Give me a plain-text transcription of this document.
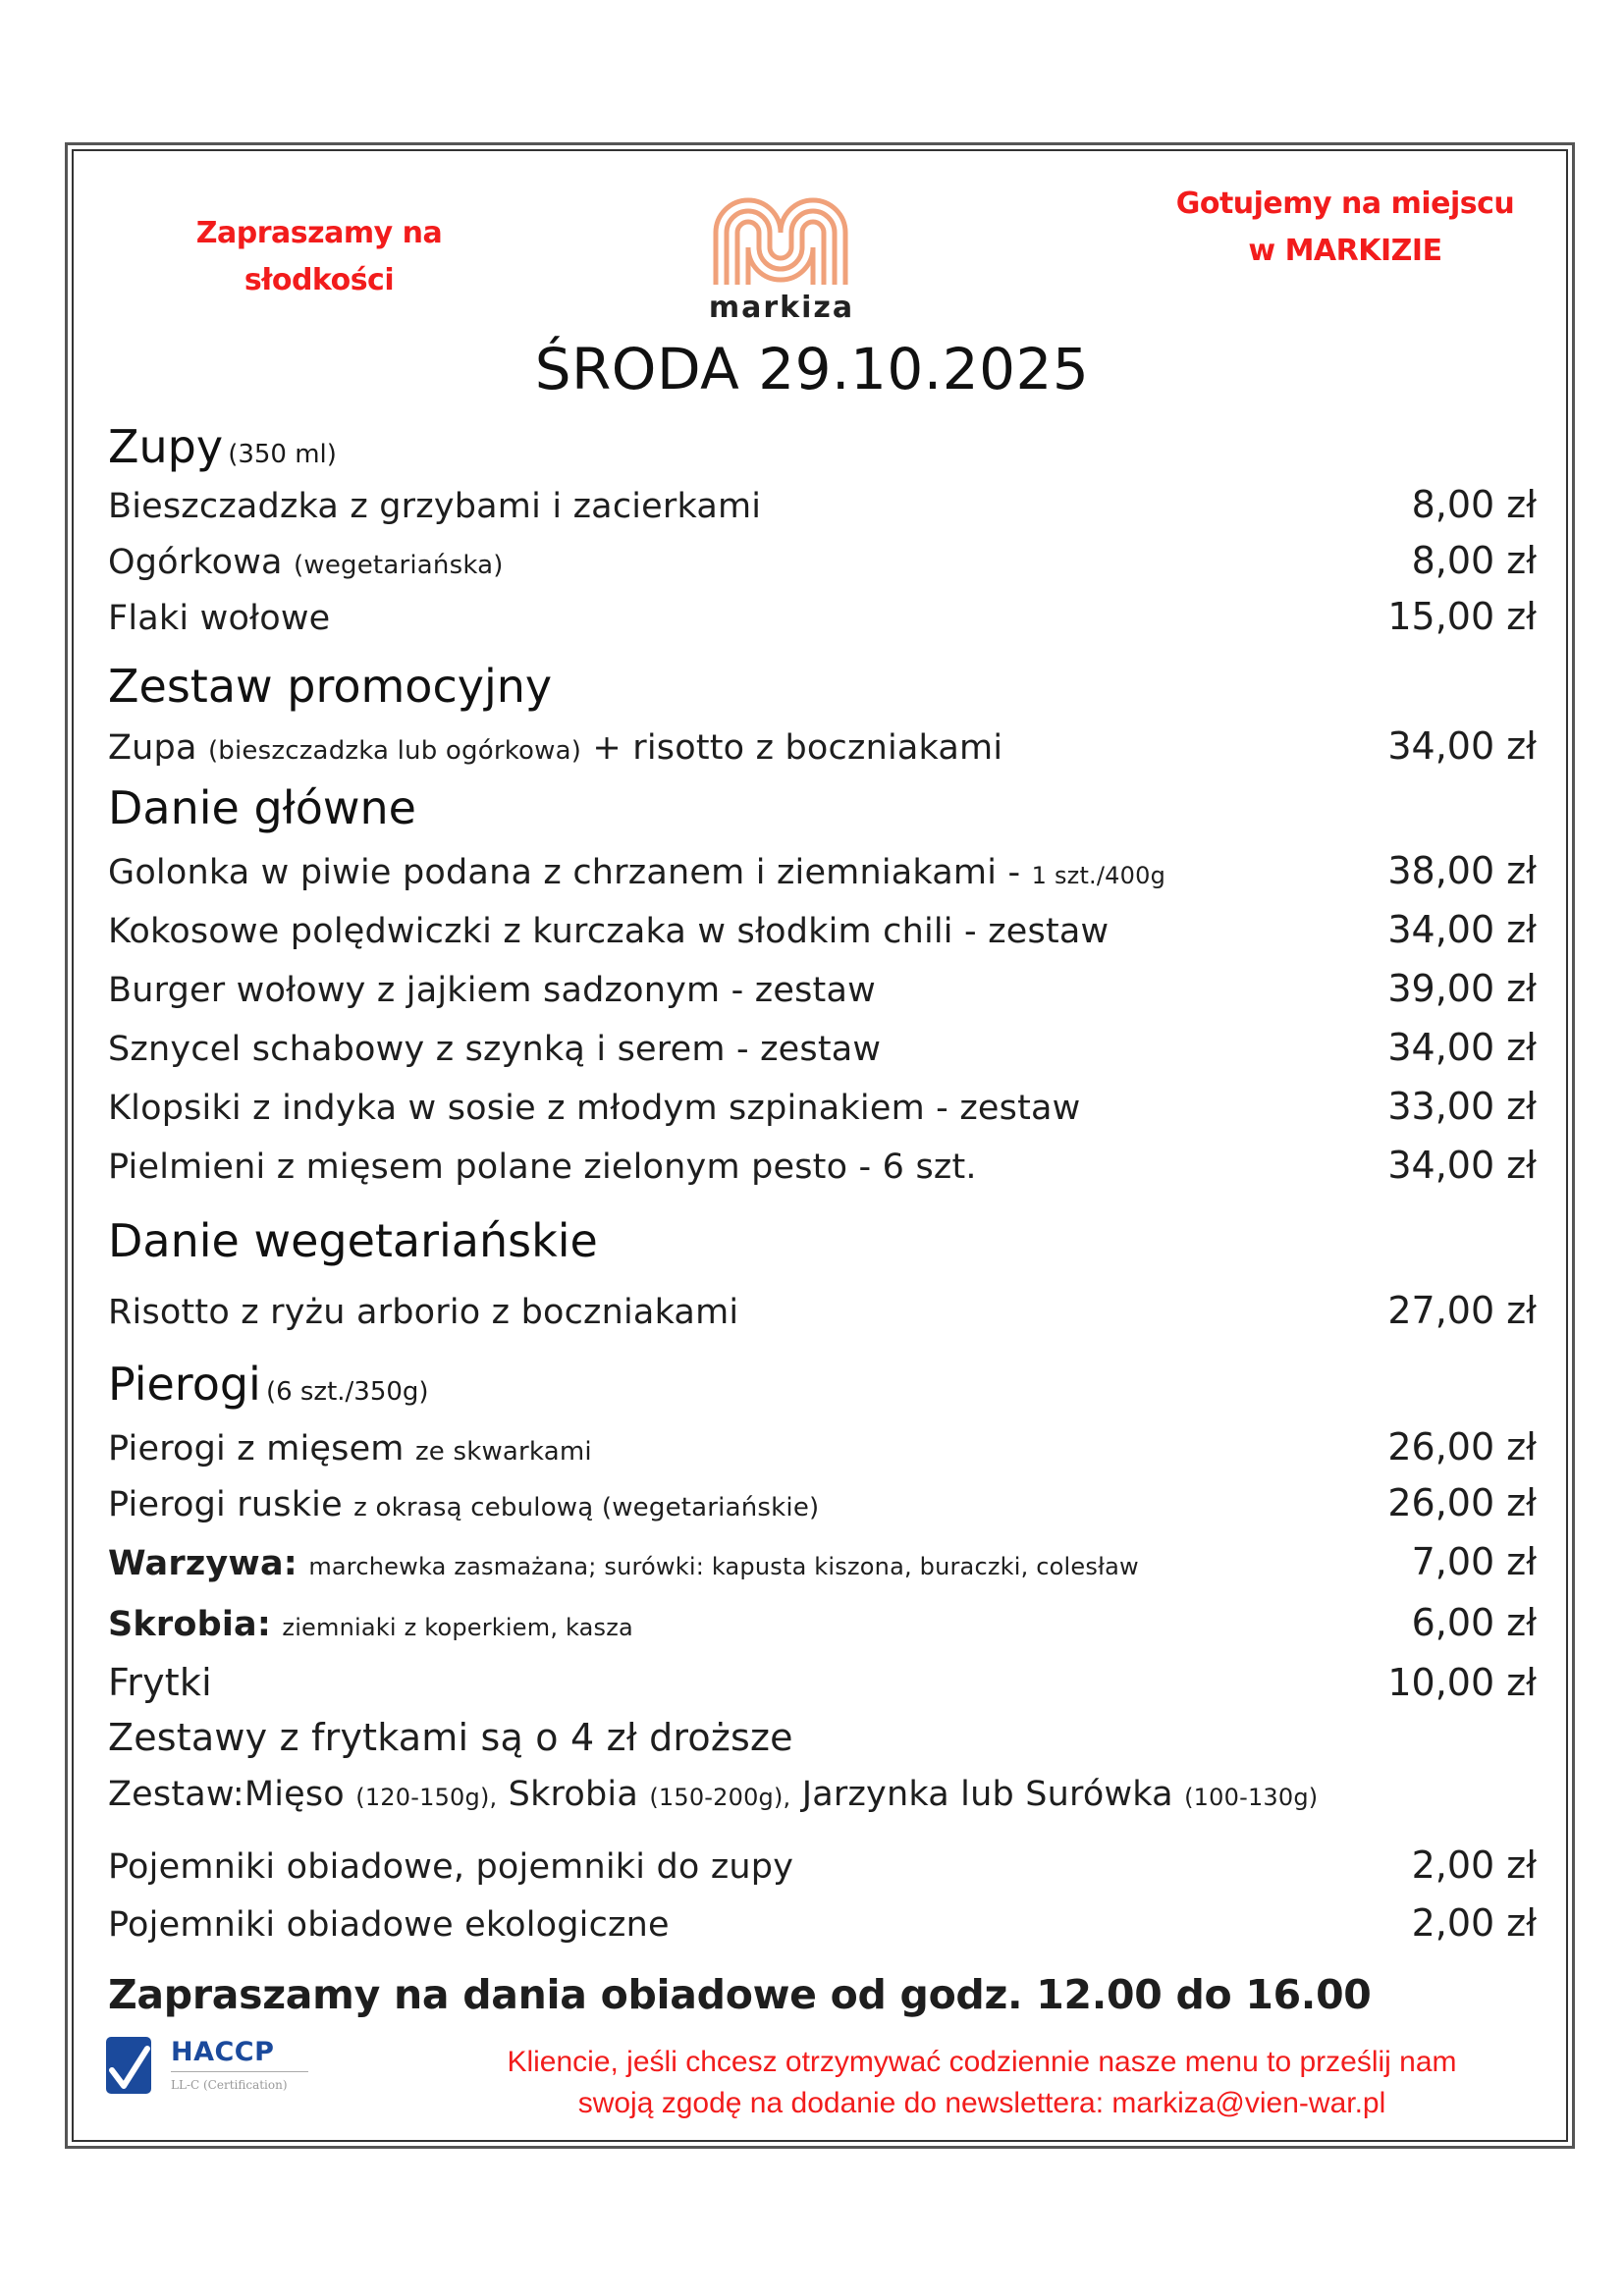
Zapraszamy na
słodkości
markiza
Gotujemy na miejscu
w MARKIZIE
ŚRODA 29.10.2025
Zupy (350 ml)
Bieszczadzka z grzybami i zacierkami	8,00 zł
Ogórkowa (wegetariańska)	8,00 zł
Flaki wołowe	15,00 zł
Zestaw promocyjny
Zupa (bieszczadzka lub ogórkowa) + risotto z boczniakami	34,00 zł
Danie główne
Golonka w piwie podana z chrzanem i ziemniakami - 1 szt./400g	38,00 zł
Kokosowe polędwiczki z kurczaka w słodkim chili - zestaw	34,00 zł
Burger wołowy z jajkiem sadzonym - zestaw	39,00 zł
Sznycel schabowy z szynką i serem - zestaw	34,00 zł
Klopsiki z indyka w sosie z młodym szpinakiem - zestaw	33,00 zł
Pielmieni z mięsem polane zielonym pesto - 6 szt.	34,00 zł
Danie wegetariańskie
Risotto z ryżu arborio z boczniakami	27,00 zł
Pierogi (6 szt./350g)
Pierogi z mięsem ze skwarkami	26,00 zł
Pierogi ruskie z okrasą cebulową (wegetariańskie)	26,00 zł
Warzywa: marchewka zasmażana; surówki: kapusta kiszona, buraczki, colesław	7,00 zł
Skrobia: ziemniaki z koperkiem, kasza	6,00 zł
Frytki	10,00 zł
Zestawy z frytkami są o 4 zł droższe
Zestaw:Mięso (120-150g), Skrobia (150-200g), Jarzynka lub Surówka (100-130g)
Pojemniki obiadowe, pojemniki do zupy	2,00 zł
Pojemniki obiadowe ekologiczne	2,00 zł
Zapraszamy na dania obiadowe od godz. 12.00 do 16.00
HACCP
LL-C (Certification)
Kliencie, jeśli chcesz otrzymywać codziennie nasze menu to prześlij nam
swoją zgodę na dodanie do newslettera: markiza@vien-war.pl
